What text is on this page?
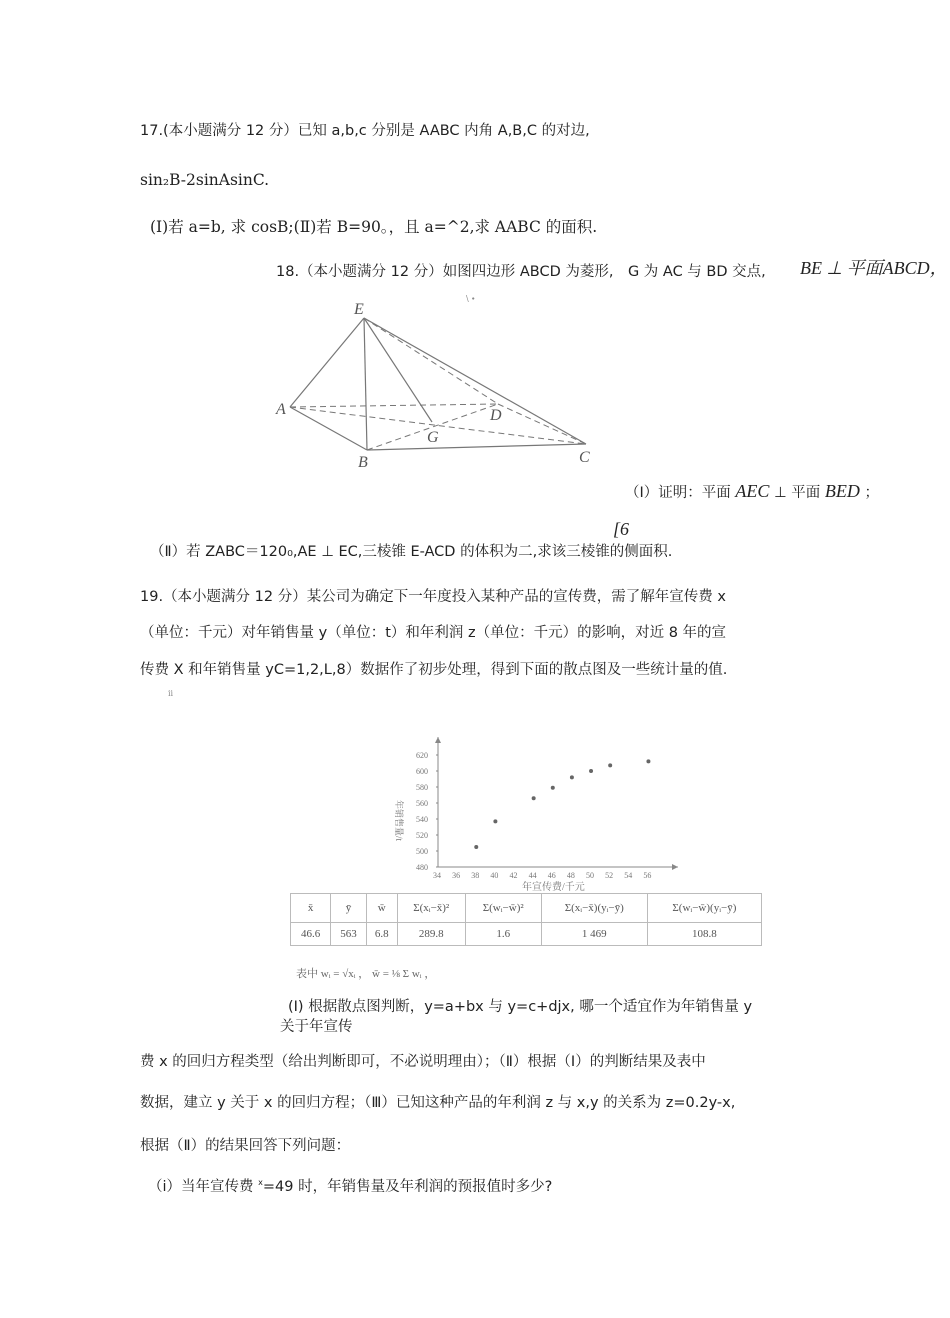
17.(本小题满分 12 分）已知 a,b,c 分别是 AABC 内角 A,B,C 的对边,
sin₂B-2sinAsinC.
(Ⅰ)若 a=b, 求 cosB;(Ⅱ)若 B=90。，且 a=^2,求 AABC 的面积.
18.（本小题满分 12 分）如图四边形 ABCD 为菱形,　G 为 AC 与 BD 交点, BE ⊥ 平面ABCD，
\ ∙
E
A	D
G
B	C
（Ⅰ）证明：平面 AEC ⊥ 平面 BED ；
[6
（Ⅱ）若 ZABC＝120₀,AE ⊥ EC,三棱锥 E-ACD 的体积为二,求该三棱锥的侧面积.
19.（本小题满分 12 分）某公司为确定下一年度投入某种产品的宣传费，需了解年宣传费 x
（单位：千元）对年销售量 y（单位：t）和年利润 z（单位：千元）的影响，对近 8 年的宣
传费 X 和年销售量 yC=1,2,L,8）数据作了初步处理，得到下面的散点图及一些统计量的值.
ii
34 36 38 40 42 44 46 48 50 52 54 56
480
500
520
540
560
580
600
620
年销售量/t
年宣传费/千元
x̄	ȳ	w̄	Σ(xᵢ−x̄)²	Σ(wᵢ−w̄)²	Σ(xᵢ−x̄)(yᵢ−ȳ)	Σ(wᵢ−w̄)(yᵢ−ȳ)
46.6	563	6.8	289.8	1.6	1 469	108.8
表中 wᵢ = √xᵢ ， w̄ = ⅛ Σ wᵢ ，
(Ⅰ) 根据散点图判断，y=a+bx 与 y=c+djx, 哪一个适宜作为年销售量 y
关于年宣传
费 x 的回归方程类型（给出判断即可，不必说明理由）；（Ⅱ）根据（Ⅰ）的判断结果及表中
数据，建立 y 关于 x 的回归方程；（Ⅲ）已知这种产品的年利润 z 与 x,y 的关系为 z=0.2y-x,
根据（Ⅱ）的结果回答下列问题：
（i）当年宣传费 $^x$=49 时，年销售量及年利润的预报值时多少?
